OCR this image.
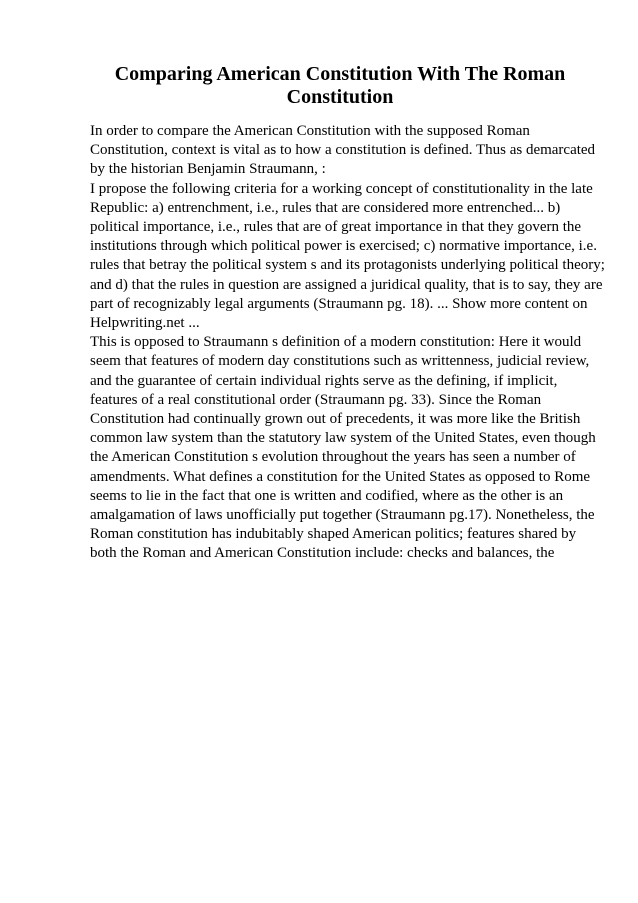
Comparing American Constitution With The Roman
Constitution
In order to compare the American Constitution with the supposed Roman
Constitution, context is vital as to how a constitution is defined. Thus as demarcated
by the historian Benjamin Straumann, :
I propose the following criteria for a working concept of constitutionality in the late
Republic: a) entrenchment, i.e., rules that are considered more entrenched... b)
political importance, i.e., rules that are of great importance in that they govern the
institutions through which political power is exercised; c) normative importance, i.e.
rules that betray the political system s and its protagonists underlying political theory;
and d) that the rules in question are assigned a juridical quality, that is to say, they are
part of recognizably legal arguments (Straumann pg. 18). ... Show more content on
Helpwriting.net ...
This is opposed to Straumann s definition of a modern constitution: Here it would
seem that features of modern day constitutions such as writtenness, judicial review,
and the guarantee of certain individual rights serve as the defining, if implicit,
features of a real constitutional order (Straumann pg. 33). Since the Roman
Constitution had continually grown out of precedents, it was more like the British
common law system than the statutory law system of the United States, even though
the American Constitution s evolution throughout the years has seen a number of
amendments. What defines a constitution for the United States as opposed to Rome
seems to lie in the fact that one is written and codified, where as the other is an
amalgamation of laws unofficially put together (Straumann pg.17). Nonetheless, the
Roman constitution has indubitably shaped American politics; features shared by
both the Roman and American Constitution include: checks and balances, the
